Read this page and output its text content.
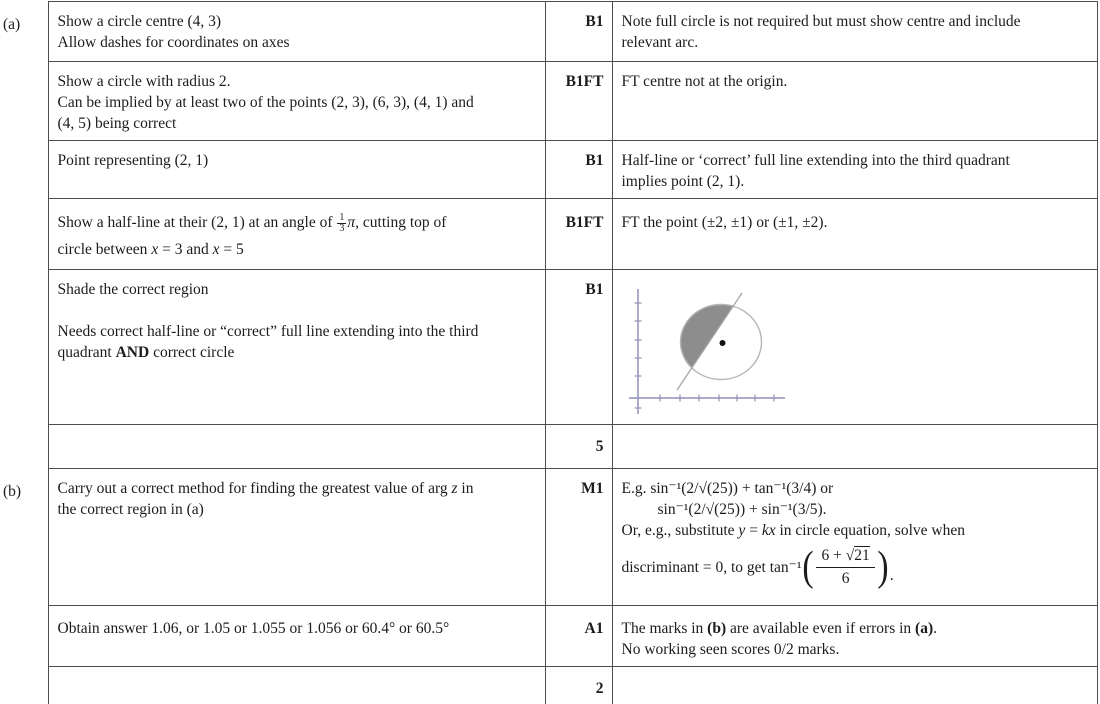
(a)	Show a circle centre (4, 3)
Allow dashes for coordinates on axes	B1	Note full circle is not required but must show centre and include
relevant arc.

	Show a circle with radius 2.
Can be implied by at least two of the points (2, 3), (6, 3), (4, 1) and
(4, 5) being correct	B1FT	FT centre not at the origin.

	Point representing (2, 1)	B1	Half-line or ‘correct’ full line extending into the third quadrant
implies point (2, 1).

	Show a half-line at their (2, 1) at an angle of $\frac{1}{3} \pi$, cutting top of
circle between x = 3 and x = 5	B1FT	FT the point (±2, ±1) or (±1, ±2).

	Shade the correct region
Needs correct half-line or “correct” full line extending into the third
quadrant AND correct circle	B1	

		5	
(b)	Carry out a correct method for finding the greatest value of arg z in
the correct region in (a)
	M1	E.g. sin⁻¹(2/√(25)) + tan⁻¹(3/4) or
sin⁻¹(2/√(25)) + sin⁻¹(3/5).
Or, e.g., substitute y = kx in circle equation, solve when
discriminant = 0, to get tan⁻¹ ( 6 + √21
6 ) .

	Obtain answer 1.06, or 1.05 or 1.055 or 1.056 or 60.4° or 60.5°	A1	The marks in (b) are available even if errors in (a).
No working seen scores 0/2 marks.

		2	
